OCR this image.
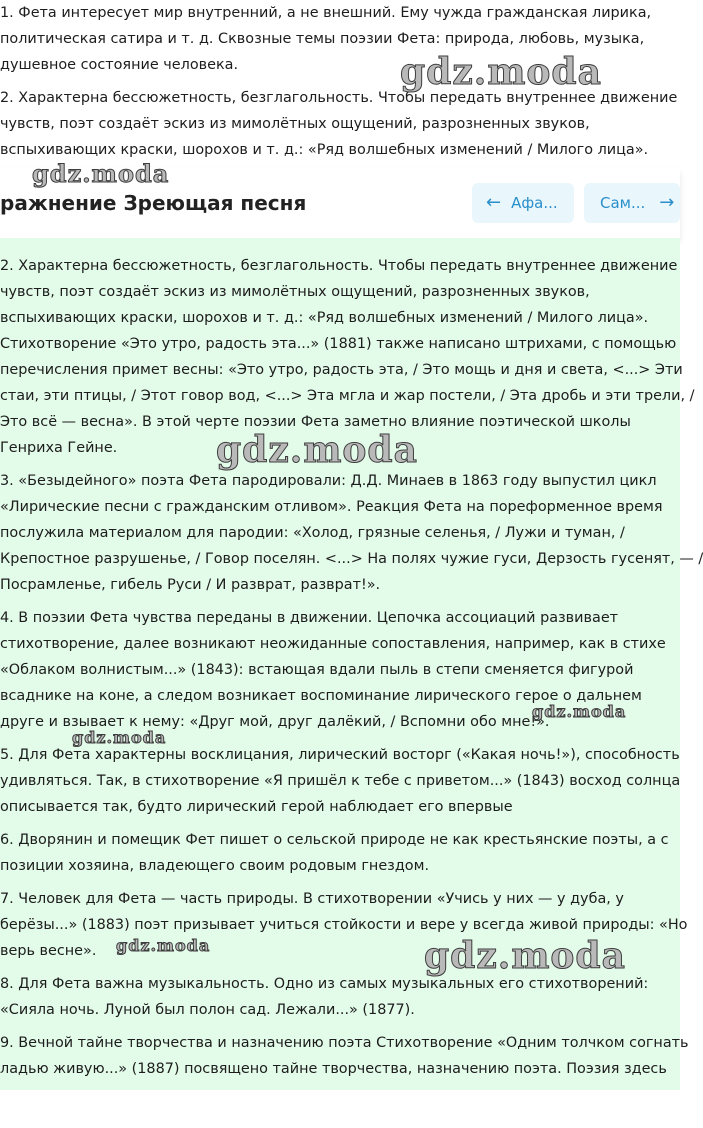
1. Фета интересует мир внутренний, а не внешний. Ему чужда гражданская лирика,

политическая сатира и т. д. Сквозные темы поэзии Фета: природа, любовь, музыка,

душевное состояние человека.

2. Характерна бессюжетность, безглагольность. Чтобы передать внутреннее движение

чувств, поэт создаёт эскиз из мимолётных ощущений, разрозненных звуков,

вспыхивающих краски, шорохов и т. д.: «Ряд волшебных изменений / Милого лица».

gdz.moda
gdz.moda
ражнение Зреющая песня	← Афа...	Сам... →

2. Характерна бессюжетность, безглагольность. Чтобы передать внутреннее движение

чувств, поэт создаёт эскиз из мимолётных ощущений, разрозненных звуков,

вспыхивающих краски, шорохов и т. д.: «Ряд волшебных изменений / Милого лица».

Стихотворение «Это утро, радость эта...» (1881) также написано штрихами, с помощью

перечисления примет весны: «Это утро, радость эта, / Это мощь и дня и света, <...> Эти

стаи, эти птицы, / Этот говор вод, <...> Эта мгла и жар постели, / Эта дробь и эти трели, /

Это всё — весна». В этой черте поэзии Фета заметно влияние поэтической школы

Генриха Гейне.

3. «Безыдейного» поэта Фета пародировали: Д.Д. Минаев в 1863 году выпустил цикл

«Лирические песни с гражданским отливом». Реакция Фета на пореформенное время

послужила материалом для пародии: «Холод, грязные селенья, / Лужи и туман, /

Крепостное разрушенье, / Говор поселян. <...> На полях чужие гуси, Дерзость гусенят, — /

Посрамленье, гибель Руси / И разврат, разврат!».

4. В поэзии Фета чувства переданы в движении. Цепочка ассоциаций развивает

стихотворение, далее возникают неожиданные сопоставления, например, как в стихе

«Облаком волнистым...» (1843): встающая вдали пыль в степи сменяется фигурой

всаднике на коне, а следом возникает воспоминание лирического герое о дальнем

друге и взывает к нему: «Друг мой, друг далёкий, / Вспомни обо мне!».

5. Для Фета характерны восклицания, лирический восторг («Какая ночь!»), способность

удивляться. Так, в стихотворение «Я пришёл к тебе с приветом...» (1843) восход солнца

описывается так, будто лирический герой наблюдает его впервые

6. Дворянин и помещик Фет пишет о сельской природе не как крестьянские поэты, а с

позиции хозяина, владеющего своим родовым гнездом.

7. Человек для Фета — часть природы. В стихотворении «Учись у них — у дуба, у

берёзы...» (1883) поэт призывает учиться стойкости и вере у всегда живой природы: «Но

верь весне».

8. Для Фета важна музыкальность. Одно из самых музыкальных его стихотворений:

«Сияла ночь. Луной был полон сад. Лежали...» (1877).

9. Вечной тайне творчества и назначению поэта Стихотворение «Одним толчком согнать

ладью живую...» (1887) посвящено тайне творчества, назначению поэта. Поэзия здесь

gdz.moda
gdz.moda
gdz.moda
gdz.moda	gdz.moda
